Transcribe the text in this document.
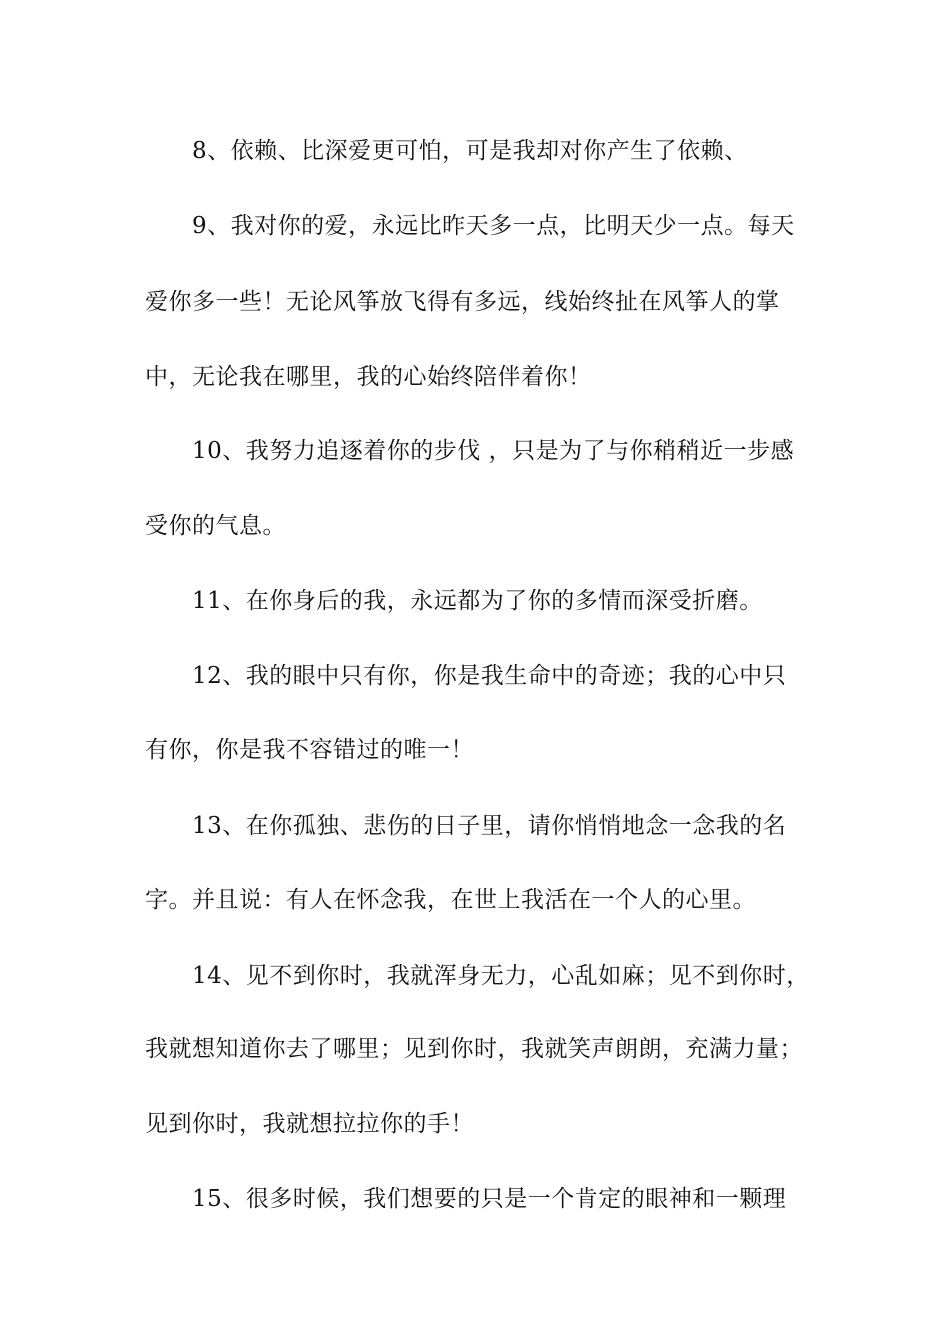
8、依赖、比深爱更可怕，可是我却对你产生了依赖、
9、我对你的爱，永远比昨天多一点，比明天少一点。每天
爱你多一些！无论风筝放飞得有多远，线始终扯在风筝人的掌
中，无论我在哪里，我的心始终陪伴着你！
10、我努力追逐着你的步伐 ，只是为了与你稍稍近一步感
受你的气息。
11、在你身后的我，永远都为了你的多情而深受折磨。
12、我的眼中只有你，你是我生命中的奇迹；我的心中只
有你，你是我不容错过的唯一！
13、在你孤独、悲伤的日子里，请你悄悄地念一念我的名
字。并且说：有人在怀念我，在世上我活在一个人的心里。
14、见不到你时，我就浑身无力，心乱如麻；见不到你时，
我就想知道你去了哪里；见到你时，我就笑声朗朗，充满力量；
见到你时，我就想拉拉你的手！
15、很多时候，我们想要的只是一个肯定的眼神和一颗理
